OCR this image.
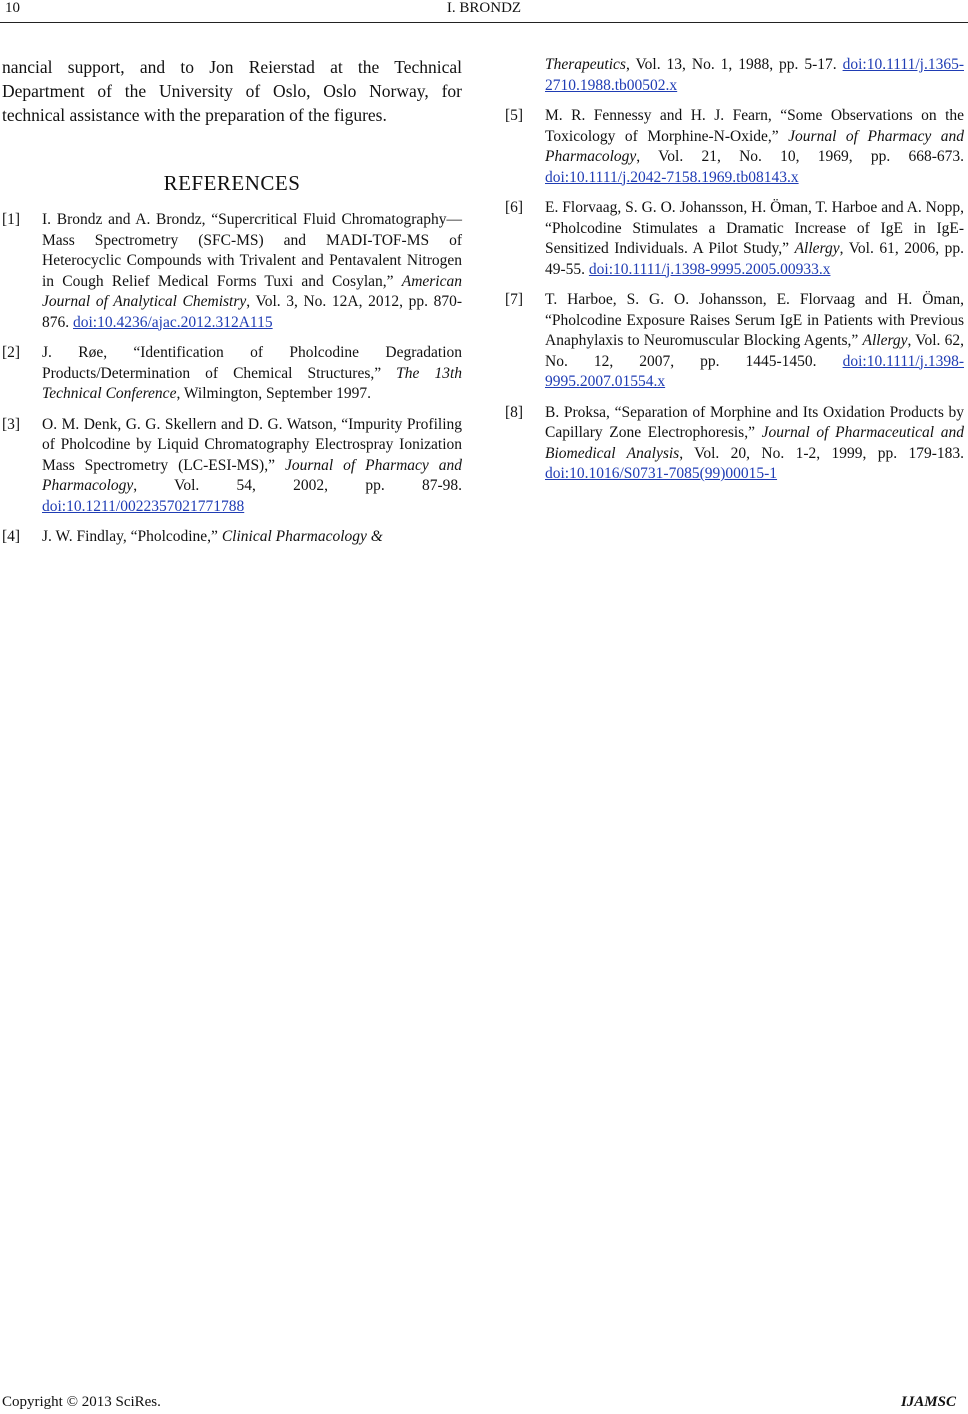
10	I. BRONDZ

nancial support, and to Jon Reierstad at the Technical Department of the University of Oslo, Oslo Norway, for technical assistance with the preparation of the figures.

REFERENCES
[1] I. Brondz and A. Brondz, “Supercritical Fluid Chromatography—Mass Spectrometry (SFC-MS) and MADI-TOF-MS of Heterocyclic Compounds with Trivalent and Pentavalent Nitrogen in Cough Relief Medical Forms Tuxi and Cosylan,” American Journal of Analytical Chemistry, Vol. 3, No. 12A, 2012, pp. 870-876. doi:10.4236/ajac.2012.312A115
[2] J. Røe, “Identification of Pholcodine Degradation Products/Determination of Chemical Structures,” The 13th Technical Conference, Wilmington, September 1997.
[3] O. M. Denk, G. G. Skellern and D. G. Watson, “Impurity Profiling of Pholcodine by Liquid Chromatography Electrospray Ionization Mass Spectrometry (LC-ESI-MS),” Journal of Pharmacy and Pharmacology, Vol. 54, 2002, pp. 87-98. doi:10.1211/0022357021771788
[4] J. W. Findlay, “Pholcodine,” Clinical Pharmacology &
Therapeutics, Vol. 13, No. 1, 1988, pp. 5-17. doi:10.1111/j.1365-2710.1988.tb00502.x
[5] M. R. Fennessy and H. J. Fearn, “Some Observations on the Toxicology of Morphine-N-Oxide,” Journal of Pharmacy and Pharmacology, Vol. 21, No. 10, 1969, pp. 668-673. doi:10.1111/j.2042-7158.1969.tb08143.x
[6] E. Florvaag, S. G. O. Johansson, H. Öman, T. Harboe and A. Nopp, “Pholcodine Stimulates a Dramatic Increase of IgE in IgE-Sensitized Individuals. A Pilot Study,” Allergy, Vol. 61, 2006, pp. 49-55. doi:10.1111/j.1398-9995.2005.00933.x
[7] T. Harboe, S. G. O. Johansson, E. Florvaag and H. Öman, “Pholcodine Exposure Raises Serum IgE in Patients with Previous Anaphylaxis to Neuromuscular Blocking Agents,” Allergy, Vol. 62, No. 12, 2007, pp. 1445-1450. doi:10.1111/j.1398-9995.2007.01554.x
[8] B. Proksa, “Separation of Morphine and Its Oxidation Products by Capillary Zone Electrophoresis,” Journal of Pharmaceutical and Biomedical Analysis, Vol. 20, No. 1-2, 1999, pp. 179-183. doi:10.1016/S0731-7085(99)00015-1
Copyright © 2013 SciRes.	IJAMSC
